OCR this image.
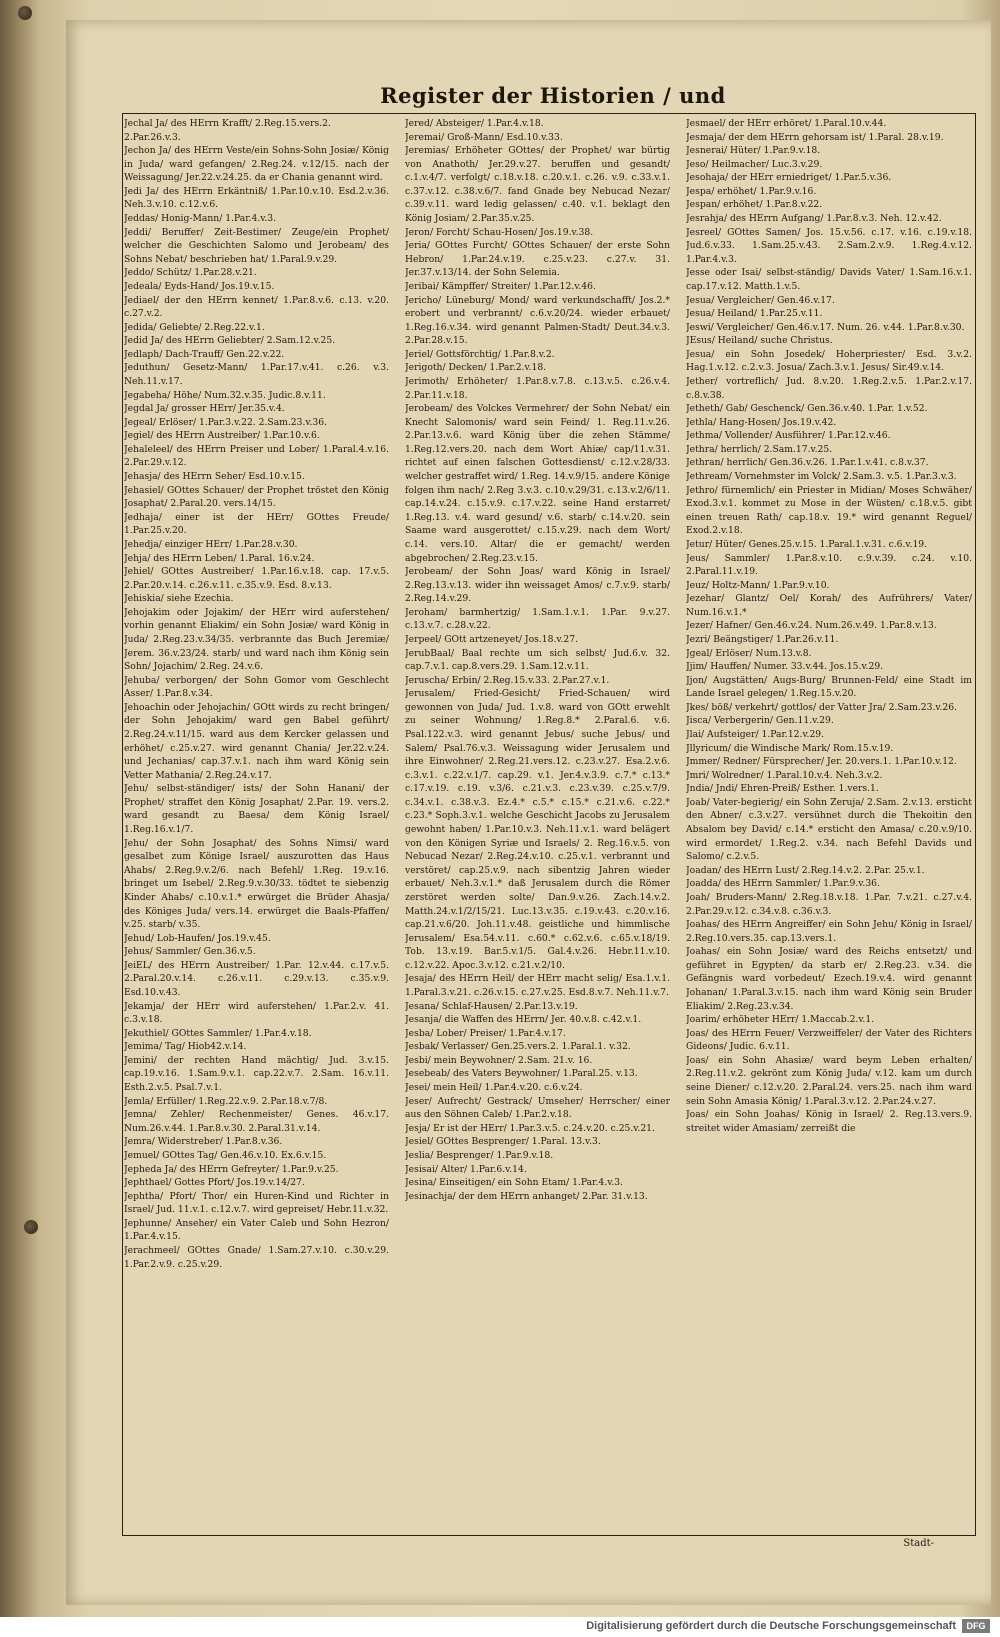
Register der Historien / und

Jechal Ja/ des HErrn Krafft/ 2.Reg.15.vers.2.

2.Par.26.v.3.

Jechon Ja/ des HErrn Veste/ein Sohns-Sohn Josiæ/ König in Juda/ ward gefangen/ 2.Reg.24. v.12/15. nach der Weissagung/ Jer.22.v.24.25. da er Chania genannt wird.

Jedi Ja/ des HErrn Erkäntniß/ 1.Par.10.v.10. Esd.2.v.36. Neh.3.v.10. c.12.v.6.

Jeddas/ Honig-Mann/ 1.Par.4.v.3.

Jeddi/ Beruffer/ Zeit-Bestimer/ Zeuge/ein Prophet/ welcher die Geschichten Salomo und Jerobeam/ des Sohns Nebat/ beschrieben hat/ 1.Paral.9.v.29.

Jeddo/ Schütz/ 1.Par.28.v.21.

Jedeala/ Eyds-Hand/ Jos.19.v.15.

Jediael/ der den HErrn kennet/ 1.Par.8.v.6. c.13. v.20. c.27.v.2.

Jedida/ Geliebte/ 2.Reg.22.v.1.

Jedid Ja/ des HErrn Geliebter/ 2.Sam.12.v.25.

Jedlaph/ Dach-Trauff/ Gen.22.v.22.

Jeduthun/ Gesetz-Mann/ 1.Par.17.v.41. c.26. v.3. Neh.11.v.17.

Jegabeha/ Höhe/ Num.32.v.35. Judic.8.v.11.

Jegdal Ja/ grosser HErr/ Jer.35.v.4.

Jegeal/ Erlöser/ 1.Par.3.v.22. 2.Sam.23.v.36.

Jegiel/ des HErrn Austreiber/ 1.Par.10.v.6.

Jehaleleel/ des HErrn Preiser und Lober/ 1.Paral.4.v.16. 2.Par.29.v.12.

Jehasja/ des HErrn Seher/ Esd.10.v.15.

Jehasiel/ GOttes Schauer/ der Prophet tröstet den König Josaphat/ 2.Paral.20. vers.14/15.

Jedhaja/ einer ist der HErr/ GOttes Freude/ 1.Par.25.v.20.

Jehedja/ einziger HErr/ 1.Par.28.v.30.

Jehja/ des HErrn Leben/ 1.Paral. 16.v.24.

Jehiel/ GOttes Austreiber/ 1.Par.16.v.18. cap. 17.v.5. 2.Par.20.v.14. c.26.v.11. c.35.v.9. Esd. 8.v.13.

Jehiskia/ siehe Ezechia.

Jehojakim oder Jojakim/ der HErr wird auferstehen/ vorhin genannt Eliakim/ ein Sohn Josiæ/ ward König in Juda/ 2.Reg.23.v.34/35. verbrannte das Buch Jeremiæ/ Jerem. 36.v.23/24. starb/ und ward nach ihm König sein Sohn/ Jojachim/ 2.Reg. 24.v.6.

Jehuba/ verborgen/ der Sohn Gomor vom Geschlecht Asser/ 1.Par.8.v.34.

Jehoachin oder Jehojachin/ GOtt wirds zu recht bringen/ der Sohn Jehojakim/ ward gen Babel geführt/ 2.Reg.24.v.11/15. ward aus dem Kercker gelassen und erhöhet/ c.25.v.27. wird genannt Chania/ Jer.22.v.24. und Jechanias/ cap.37.v.1. nach ihm ward König sein Vetter Mathania/ 2.Reg.24.v.17.

Jehu/ selbst-ständiger/ ists/ der Sohn Hanani/ der Prophet/ straffet den König Josaphat/ 2.Par. 19. vers.2. ward gesandt zu Baesa/ dem König Israel/ 1.Reg.16.v.1/7.

Jehu/ der Sohn Josaphat/ des Sohns Nimsi/ ward gesalbet zum Könige Israel/ auszurotten das Haus Ahabs/ 2.Reg.9.v.2/6. nach Befehl/ 1.Reg. 19.v.16. bringet um Isebel/ 2.Reg.9.v.30/33. tödtet te siebenzig Kinder Ahabs/ c.10.v.1.* erwürget die Brüder Ahasja/ des Königes Juda/ vers.14. erwürget die Baals-Pfaffen/ v.25. starb/ v.35.

Jehud/ Lob-Haufen/ Jos.19.v.45.

Jehus/ Sammler/ Gen.36.v.5.

JeiEL/ des HErrn Austreiber/ 1.Par. 12.v.44. c.17.v.5. 2.Paral.20.v.14. c.26.v.11. c.29.v.13. c.35.v.9. Esd.10.v.43.

Jekamja/ der HErr wird auferstehen/ 1.Par.2.v. 41. c.3.v.18.

Jekuthiel/ GOttes Sammler/ 1.Par.4.v.18.

Jemima/ Tag/ Hiob42.v.14.

Jemini/ der rechten Hand mächtig/ Jud. 3.v.15. cap.19.v.16. 1.Sam.9.v.1. cap.22.v.7. 2.Sam. 16.v.11. Esth.2.v.5. Psal.7.v.1.

Jemla/ Erfüller/ 1.Reg.22.v.9. 2.Par.18.v.7/8.

Jemna/ Zehler/ Rechenmeister/ Genes. 46.v.17. Num.26.v.44. 1.Par.8.v.30. 2.Paral.31.v.14.

Jemra/ Widerstreber/ 1.Par.8.v.36.

Jemuel/ GOttes Tag/ Gen.46.v.10. Ex.6.v.15.

Jepheda Ja/ des HErrn Gefreyter/ 1.Par.9.v.25.

Jephthael/ Gottes Pfort/ Jos.19.v.14/27.

Jephtha/ Pfort/ Thor/ ein Huren-Kind und Richter in Israel/ Jud. 11.v.1. c.12.v.7. wird gepreiset/ Hebr.11.v.32.

Jephunne/ Anseher/ ein Vater Caleb und Sohn Hezron/ 1.Par.4.v.15.

Jerachmeel/ GOttes Gnade/ 1.Sam.27.v.10. c.30.v.29. 1.Par.2.v.9. c.25.v.29.

Jered/ Absteiger/ 1.Par.4.v.18.

Jeremai/ Groß-Mann/ Esd.10.v.33.

Jeremias/ Erhöheter GOttes/ der Prophet/ war bürtig von Anathoth/ Jer.29.v.27. beruffen und gesandt/ c.1.v.4/7. verfolgt/ c.18.v.18. c.20.v.1. c.26. v.9. c.33.v.1. c.37.v.12. c.38.v.6/7. fand Gnade bey Nebucad Nezar/ c.39.v.11. ward ledig gelassen/ c.40. v.1. beklagt den König Josiam/ 2.Par.35.v.25.

Jeron/ Forcht/ Schau-Hosen/ Jos.19.v.38.

Jeria/ GOttes Furcht/ GOttes Schauer/ der erste Sohn Hebron/ 1.Par.24.v.19. c.25.v.23. c.27.v. 31. Jer.37.v.13/14. der Sohn Selemia.

Jeribai/ Kämpffer/ Streiter/ 1.Par.12.v.46.

Jericho/ Lüneburg/ Mond/ ward verkundschafft/ Jos.2.* erobert und verbrannt/ c.6.v.20/24. wieder erbauet/ 1.Reg.16.v.34. wird genannt Palmen-Stadt/ Deut.34.v.3. 2.Par.28.v.15.

Jeriel/ Gottsförchtig/ 1.Par.8.v.2.

Jerigoth/ Decken/ 1.Par.2.v.18.

Jerimoth/ Erhöheter/ 1.Par.8.v.7.8. c.13.v.5. c.26.v.4. 2.Par.11.v.18.

Jerobeam/ des Volckes Vermehrer/ der Sohn Nebat/ ein Knecht Salomonis/ ward sein Feind/ 1. Reg.11.v.26. 2.Par.13.v.6. ward König über die zehen Stämme/ 1.Reg.12.vers.20. nach dem Wort Ahiæ/ cap/11.v.31. richtet auf einen falschen Gottesdienst/ c.12.v.28/33. welcher gestraffet wird/ 1.Reg. 14.v.9/15. andere Könige folgen ihm nach/ 2.Reg 3.v.3. c.10.v.29/31. c.13.v.2/6/11. cap.14.v.24. c.15.v.9. c.17.v.22. seine Hand erstarret/ 1.Reg.13. v.4. ward gesund/ v.6. starb/ c.14.v.20. sein Saame ward ausgerottet/ c.15.v.29. nach dem Wort/ c.14. vers.10. Altar/ die er gemacht/ werden abgebrochen/ 2.Reg.23.v.15.

Jerobeam/ der Sohn Joas/ ward König in Israel/ 2.Reg.13.v.13. wider ihn weissaget Amos/ c.7.v.9. starb/ 2.Reg.14.v.29.

Jeroham/ barmhertzig/ 1.Sam.1.v.1. 1.Par. 9.v.27. c.13.v.7. c.28.v.22.

Jerpeel/ GOtt artzeneyet/ Jos.18.v.27.

JerubBaal/ Baal rechte um sich selbst/ Jud.6.v. 32. cap.7.v.1. cap.8.vers.29. 1.Sam.12.v.11.

Jeruscha/ Erbin/ 2.Reg.15.v.33. 2.Par.27.v.1.

Jerusalem/ Fried-Gesicht/ Fried-Schauen/ wird gewonnen von Juda/ Jud. 1.v.8. ward von GOtt erwehlt zu seiner Wohnung/ 1.Reg.8.* 2.Paral.6. v.6. Psal.122.v.3. wird genannt Jebus/ suche Jebus/ und Salem/ Psal.76.v.3. Weissagung wider Jerusalem und ihre Einwohner/ 2.Reg.21.vers.12. c.23.v.27. Esa.2.v.6. c.3.v.1. c.22.v.1/7. cap.29. v.1. Jer.4.v.3.9. c.7.* c.13.* c.17.v.19. c.19. v.3/6. c.21.v.3. c.23.v.39. c.25.v.7/9. c.34.v.1. c.38.v.3. Ez.4.* c.5.* c.15.* c.21.v.6. c.22.* c.23.* Soph.3.v.1. welche Geschicht Jacobs zu Jerusalem gewohnt haben/ 1.Par.10.v.3. Neh.11.v.1. ward belägert von den Königen Syriæ und Israels/ 2. Reg.16.v.5. von Nebucad Nezar/ 2.Reg.24.v.10. c.25.v.1. verbrannt und verstöret/ cap.25.v.9. nach sibentzig Jahren wieder erbauet/ Neh.3.v.1.* daß Jerusalem durch die Römer zerstöret werden solte/ Dan.9.v.26. Zach.14.v.2. Matth.24.v.1/2/15/21. Luc.13.v.35. c.19.v.43. c.20.v.16. cap.21.v.6/20. Joh.11.v.48. geistliche und himmlische Jerusalem/ Esa.54.v.11. c.60.* c.62.v.6. c.65.v.18/19. Tob. 13.v.19. Bar.5.v.1/5. Gal.4.v.26. Hebr.11.v.10. c.12.v.22. Apoc.3.v.12. c.21.v.2/10.

Jesaja/ des HErrn Heil/ der HErr macht selig/ Esa.1.v.1. 1.Paral.3.v.21. c.26.v.15. c.27.v.25. Esd.8.v.7. Neh.11.v.7.

Jesana/ Schlaf-Hausen/ 2.Par.13.v.19.

Jesanja/ die Waffen des HErrn/ Jer. 40.v.8. c.42.v.1.

Jesba/ Lober/ Preiser/ 1.Par.4.v.17.

Jesbak/ Verlasser/ Gen.25.vers.2. 1.Paral.1. v.32.

Jesbi/ mein Beywohner/ 2.Sam. 21.v. 16.

Jesebeab/ des Vaters Beywohner/ 1.Paral.25. v.13.

Jesei/ mein Heil/ 1.Par.4.v.20. c.6.v.24.

Jeser/ Aufrecht/ Gestrack/ Umseher/ Herrscher/ einer aus den Söhnen Caleb/ 1.Par.2.v.18.

Jesja/ Er ist der HErr/ 1.Par.3.v.5. c.24.v.20. c.25.v.21.

Jesiel/ GOttes Besprenger/ 1.Paral. 13.v.3.

Jeslia/ Besprenger/ 1.Par.9.v.18.

Jesisai/ Alter/ 1.Par.6.v.14.

Jesina/ Einseitigen/ ein Sohn Etam/ 1.Par.4.v.3.

Jesinachja/ der dem HErrn anhanget/ 2.Par. 31.v.13.

Jesmael/ der HErr erhöret/ 1.Paral.10.v.44.

Jesmaja/ der dem HErrn gehorsam ist/ 1.Paral. 28.v.19.

Jesnerai/ Hüter/ 1.Par.9.v.18.

Jeso/ Heilmacher/ Luc.3.v.29.

Jesohaja/ der HErr erniedriget/ 1.Par.5.v.36.

Jespa/ erhöhet/ 1.Par.9.v.16.

Jespan/ erhöhet/ 1.Par.8.v.22.

Jesrahja/ des HErrn Aufgang/ 1.Par.8.v.3. Neh. 12.v.42.

Jesreel/ GOttes Samen/ Jos. 15.v.56. c.17. v.16. c.19.v.18. Jud.6.v.33. 1.Sam.25.v.43. 2.Sam.2.v.9. 1.Reg.4.v.12. 1.Par.4.v.3.

Jesse oder Isai/ selbst-ständig/ Davids Vater/ 1.Sam.16.v.1. cap.17.v.12. Matth.1.v.5.

Jesua/ Vergleicher/ Gen.46.v.17.

Jesua/ Heiland/ 1.Par.25.v.11.

Jeswi/ Vergleicher/ Gen.46.v.17. Num. 26. v.44. 1.Par.8.v.30.

JEsus/ Heiland/ suche Christus.

Jesua/ ein Sohn Josedek/ Hoherpriester/ Esd. 3.v.2. Hag.1.v.12. c.2.v.3. Josua/ Zach.3.v.1. Jesus/ Sir.49.v.14.

Jether/ vortreflich/ Jud. 8.v.20. 1.Reg.2.v.5. 1.Par.2.v.17. c.8.v.38.

Jetheth/ Gab/ Geschenck/ Gen.36.v.40. 1.Par. 1.v.52.

Jethla/ Hang-Hosen/ Jos.19.v.42.

Jethma/ Vollender/ Ausführer/ 1.Par.12.v.46.

Jethra/ herrlich/ 2.Sam.17.v.25.

Jethran/ herrlich/ Gen.36.v.26. 1.Par.1.v.41. c.8.v.37.

Jethream/ Vornehmster im Volck/ 2.Sam.3. v.5. 1.Par.3.v.3.

Jethro/ fürnemlich/ ein Priester in Midian/ Moses Schwäher/ Exod.3.v.1. kommet zu Mose in der Wüsten/ c.18.v.5. gibt einen treuen Rath/ cap.18.v. 19.* wird genannt Reguel/ Exod.2.v.18.

Jetur/ Hüter/ Genes.25.v.15. 1.Paral.1.v.31. c.6.v.19.

Jeus/ Sammler/ 1.Par.8.v.10. c.9.v.39. c.24. v.10. 2.Paral.11.v.19.

Jeuz/ Holtz-Mann/ 1.Par.9.v.10.

Jezehar/ Glantz/ Oel/ Korah/ des Aufrührers/ Vater/ Num.16.v.1.*

Jezer/ Hafner/ Gen.46.v.24. Num.26.v.49. 1.Par.8.v.13.

Jezri/ Beängstiger/ 1.Par.26.v.11.

Jgeal/ Erlöser/ Num.13.v.8.

Jjim/ Hauffen/ Numer. 33.v.44. Jos.15.v.29.

Jjon/ Augstätten/ Augs-Burg/ Brunnen-Feld/ eine Stadt im Lande Israel gelegen/ 1.Reg.15.v.20.

Jkes/ böß/ verkehrt/ gottlos/ der Vatter Jra/ 2.Sam.23.v.26.

Jisca/ Verbergerin/ Gen.11.v.29.

Jlai/ Aufsteiger/ 1.Par.12.v.29.

Jllyricum/ die Windische Mark/ Rom.15.v.19.

Jmmer/ Redner/ Fürsprecher/ Jer. 20.vers.1. 1.Par.10.v.12.

Jmri/ Wolredner/ 1.Paral.10.v.4. Neh.3.v.2.

Jndia/ Jndi/ Ehren-Preiß/ Esther. 1.vers.1.

Joab/ Vater-begierig/ ein Sohn Zeruja/ 2.Sam. 2.v.13. ersticht den Abner/ c.3.v.27. versühnet durch die Thekoitin den Absalom bey David/ c.14.* ersticht den Amasa/ c.20.v.9/10. wird ermordet/ 1.Reg.2. v.34. nach Befehl Davids und Salomo/ c.2.v.5.

Joadan/ des HErrn Lust/ 2.Reg.14.v.2. 2.Par. 25.v.1.

Joadda/ des HErrn Sammler/ 1.Par.9.v.36.

Joah/ Bruders-Mann/ 2.Reg.18.v.18. 1.Par. 7.v.21. c.27.v.4. 2.Par.29.v.12. c.34.v.8. c.36.v.3.

Joahas/ des HErrn Angreiffer/ ein Sohn Jehu/ König in Israel/ 2.Reg.10.vers.35. cap.13.vers.1.

Joahas/ ein Sohn Josiæ/ ward des Reichs entsetzt/ und geführet in Egypten/ da starb er/ 2.Reg.23. v.34. die Gefängnis ward vorbedeut/ Ezech.19.v.4. wird genannt Johanan/ 1.Paral.3.v.15. nach ihm ward König sein Bruder Eliakim/ 2.Reg.23.v.34.

Joarim/ erhöheter HErr/ 1.Maccab.2.v.1.

Joas/ des HErrn Feuer/ Verzweiffeler/ der Vater des Richters Gideons/ Judic. 6.v.11.

Joas/ ein Sohn Ahasiæ/ ward beym Leben erhalten/ 2.Reg.11.v.2. gekrönt zum König Juda/ v.12. kam um durch seine Diener/ c.12.v.20. 2.Paral.24. vers.25. nach ihm ward sein Sohn Amasia König/ 1.Paral.3.v.12. 2.Par.24.v.27.

Joas/ ein Sohn Joahas/ König in Israel/ 2. Reg.13.vers.9. streitet wider Amasiam/ zerreißt die

Stadt-
Digitalisierung gefördert durch die Deutsche Forschungsgemeinschaft	DFG
